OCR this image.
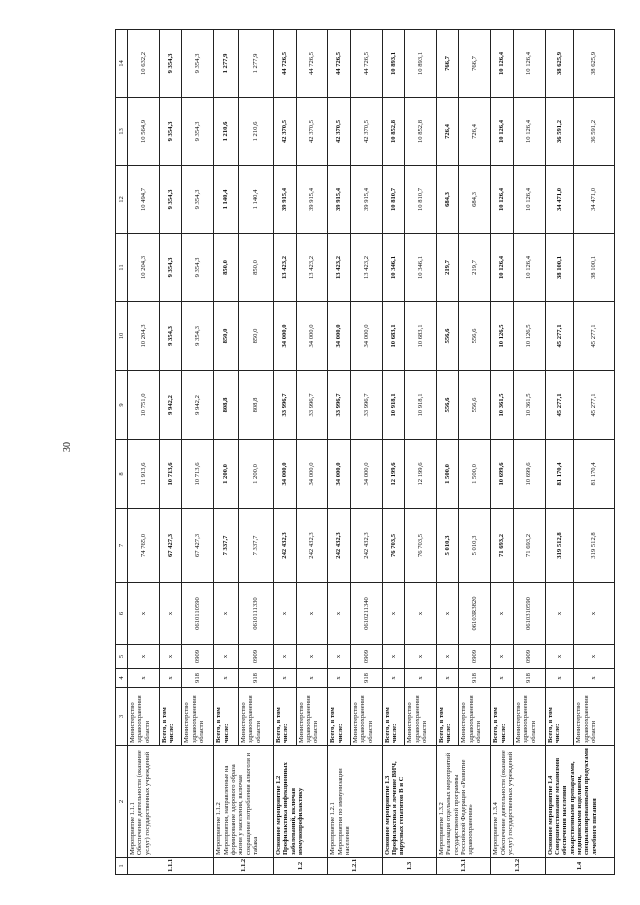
30
1	2	3	4	5	6	7	8	9	10	11	12	13	14
1.1.1	Мероприятие 1.1.1
Обеспечение деятельности (оказание услуг) государственных учреждений	Министерство здравоохранения области	x	x	x	74 765,0	11 913,6	10 751,0	10 204,3	10 204,3	10 494,7	10 564,9	10 632,2
		Всего, в том числе:	x	x	x	67 427,3	10 713,6	9 942,2	9 354,3	9 354,3	9 354,3	9 354,3	9 354,3
		Министерство здравоохранения области	918	0909	0610110590	67 427,3	10 713,6	9 942,2	9 354,3	9 354,3	9 354,3	9 354,3	9 354,3
1.1.2	Мероприятие 1.1.2
Мероприятия, направленные на формирование здорового образа жизни у населения, включая сокращение потребления алкоголя и табака	Всего, в том числе:	x	x	x	7 337,7	1 200,0	808,8	850,0	850,0	1 140,4	1 210,6	1 277,9
		Министерство здравоохранения области	918	0909	0610111330	7 337,7	1 200,0	808,8	850,0	850,0	1 140,4	1 210,6	1 277,9
1.2	Основное мероприятие 1.2
Профилактика инфекционных заболеваний, включая иммунопрофилактику	Всего, в том числе:	x	x	x	242 432,3	34 000,0	33 996,7	34 000,0	13 423,2	39 915,4	42 370,5	44 726,5
		Министерство здравоохранения области	x	x	x	242 432,3	34 000,0	33 996,7	34 000,0	13 423,2	39 915,4	42 370,5	44 726,5
1.2.1	Мероприятие 1.2.1
Мероприятия по иммунизации населения	Всего, в том числе:	x	x	x	242 432,3	34 000,0	33 996,7	34 000,0	13 423,2	39 915,4	42 370,5	44 726,5
		Министерство здравоохранения области	918	0909	0610211340	242 432,3	34 000,0	33 996,7	34 000,0	13 423,2	39 915,4	42 370,5	44 726,5
1.3	Основное мероприятие 1.3
Профилактика и лечение ВИЧ, вирусных гепатитов В и С	Всего, в том числе:	x	x	x	76 703,5	12 199,6	10 918,1	10 683,1	10 346,1	10 810,7	10 852,8	10 893,1
		Министерство здравоохранения области	x	x	x	76 703,5	12 199,6	10 918,1	10 683,1	10 346,1	10 810,7	10 852,8	10 893,1
1.3.1	Мероприятие 1.3.2
Реализация отдельных мероприятий государственной программы Российской Федерации «Развитие здравоохранения»	Всего, в том числе:	x	x	x	5 010,3	1 500,0	556,6	556,6	219,7	684,3	726,4	766,7
		Министерство здравоохранения области	918	0909	06103R3820	5 010,3	1 500,0	556,6	556,6	219,7	684,3	726,4	766,7
1.3.2	Мероприятие 1.3.4
Обеспечение деятельности (оказание услуг) государственных учреждений	Всего, в том числе:	x	x	x	71 693,2	10 699,6	10 361,5	10 126,5	10 126,4	10 126,4	10 126,4	10 126,4
		Министерство здравоохранения области	918	0909	0610310590	71 693,2	10 699,6	10 361,5	10 126,5	10 126,4	10 126,4	10 126,4	10 126,4
1.4	Основное мероприятие 1.4
Совершенствование механизмов обеспечения населения лекарственными препаратами, медицинскими изделиями, специализированными продуктами лечебного питания	Всего, в том числе:	x	x	x	319 512,8	81 170,4	45 277,1	45 277,1	38 100,1	34 471,0	36 591,2	38 625,9
		Министерство здравоохранения области	x	x	x	319 512,8	81 170,4	45 277,1	45 277,1	38 100,1	34 471,0	36 591,2	38 625,9
